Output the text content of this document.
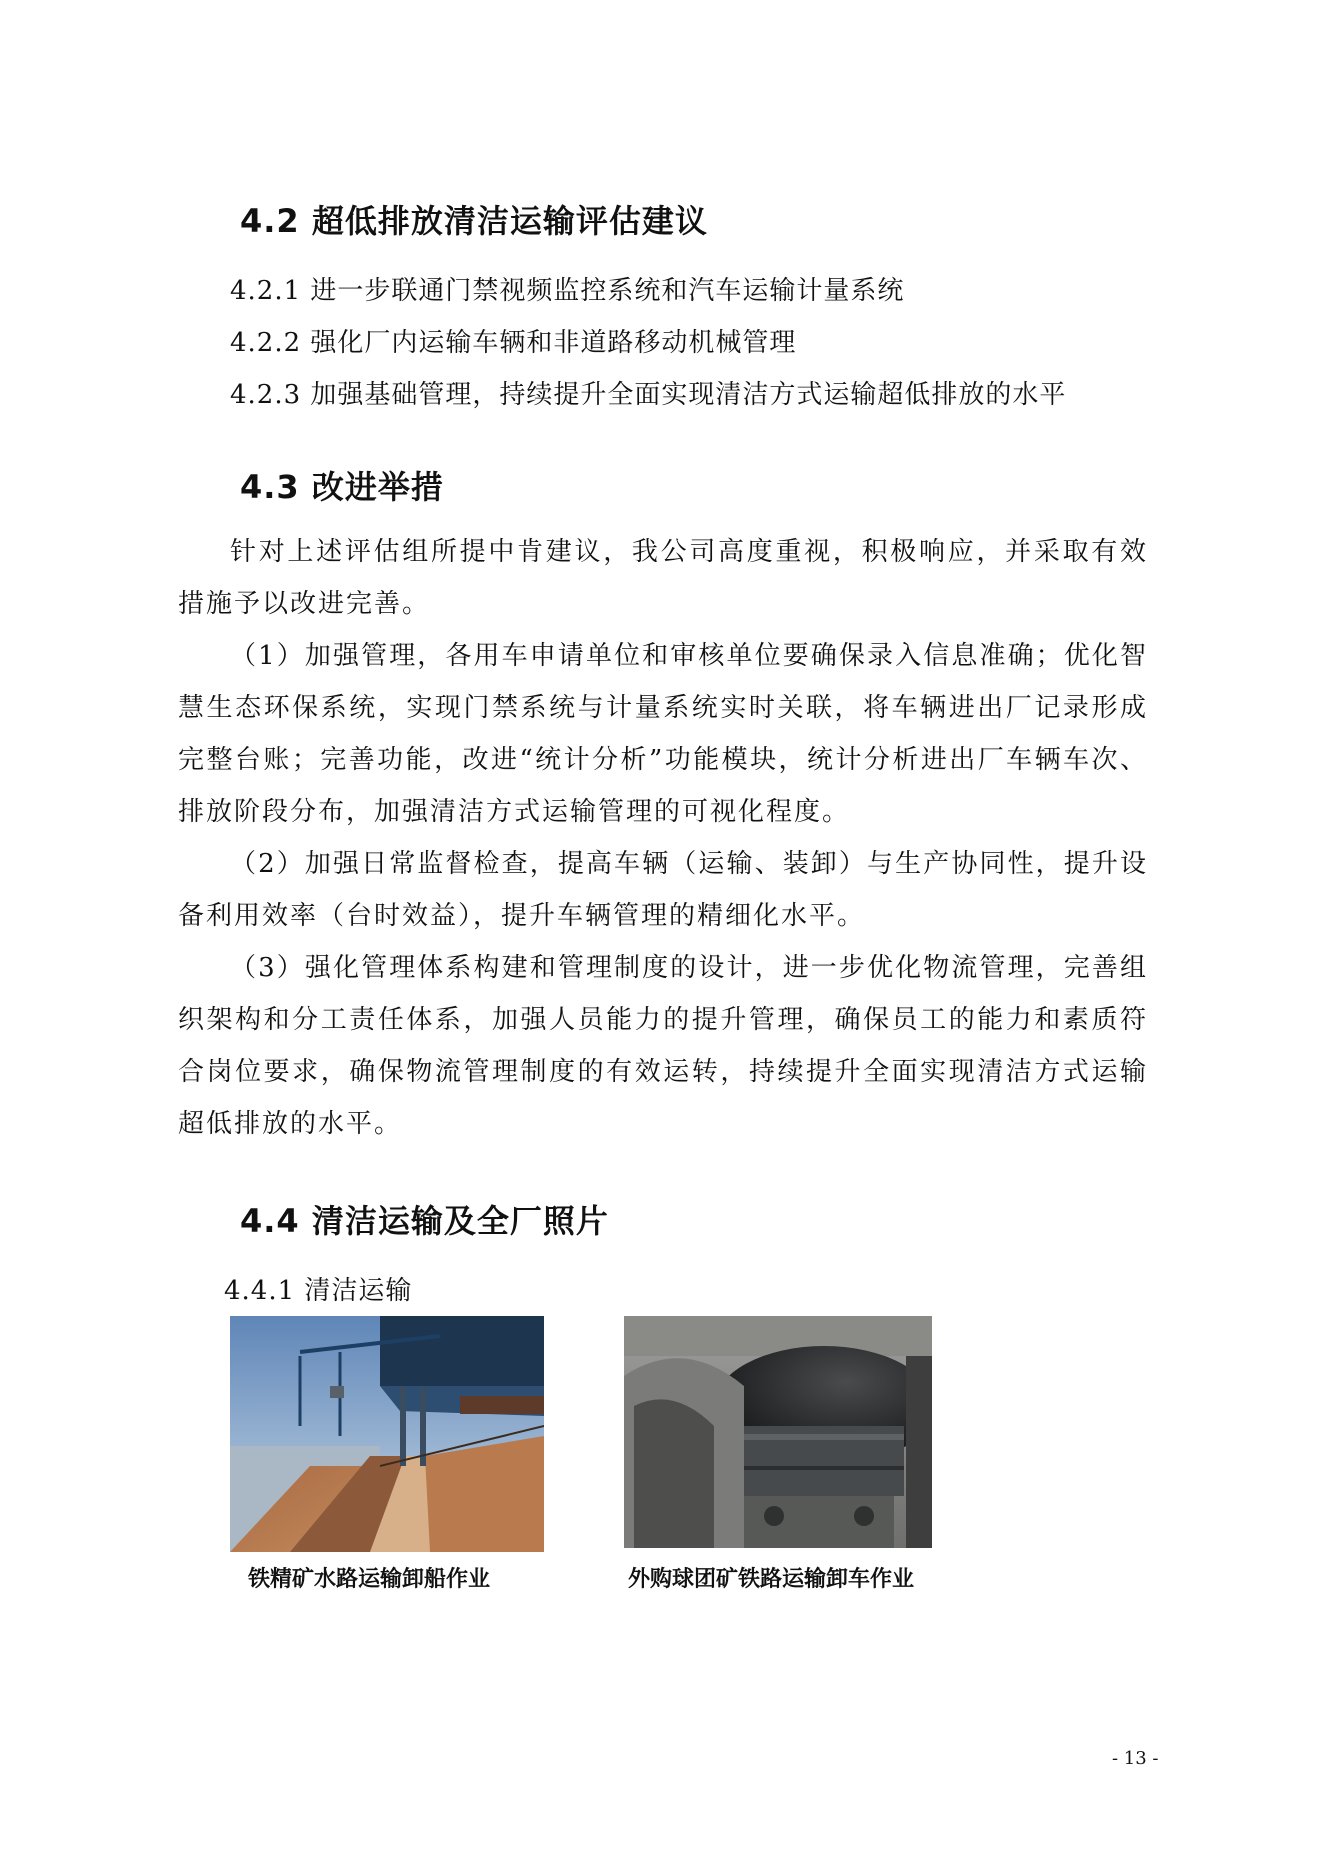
4.2 超低排放清洁运输评估建议
4.2.1 进一步联通门禁视频监控系统和汽车运输计量系统
4.2.2 强化厂内运输车辆和非道路移动机械管理
4.2.3 加强基础管理，持续提升全面实现清洁方式运输超低排放的水平
4.3 改进举措

针对上述评估组所提中肯建议，我公司高度重视，积极响应，并采取有效措施予以改进完善。

（1）加强管理，各用车申请单位和审核单位要确保录入信息准确；优化智慧生态环保系统，实现门禁系统与计量系统实时关联，将车辆进出厂记录形成完整台账；完善功能，改进“统计分析”功能模块，统计分析进出厂车辆车次、排放阶段分布，加强清洁方式运输管理的可视化程度。

（2）加强日常监督检查，提高车辆（运输、装卸）与生产协同性，提升设备利用效率（台时效益），提升车辆管理的精细化水平。

（3）强化管理体系构建和管理制度的设计，进一步优化物流管理，完善组织架构和分工责任体系，加强人员能力的提升管理，确保员工的能力和素质符合岗位要求，确保物流管理制度的有效运转，持续提升全面实现清洁方式运输超低排放的水平。

4.4 清洁运输及全厂照片
4.4.1 清洁运输
铁精矿水路运输卸船作业	外购球团矿铁路运输卸车作业
- 13 -
